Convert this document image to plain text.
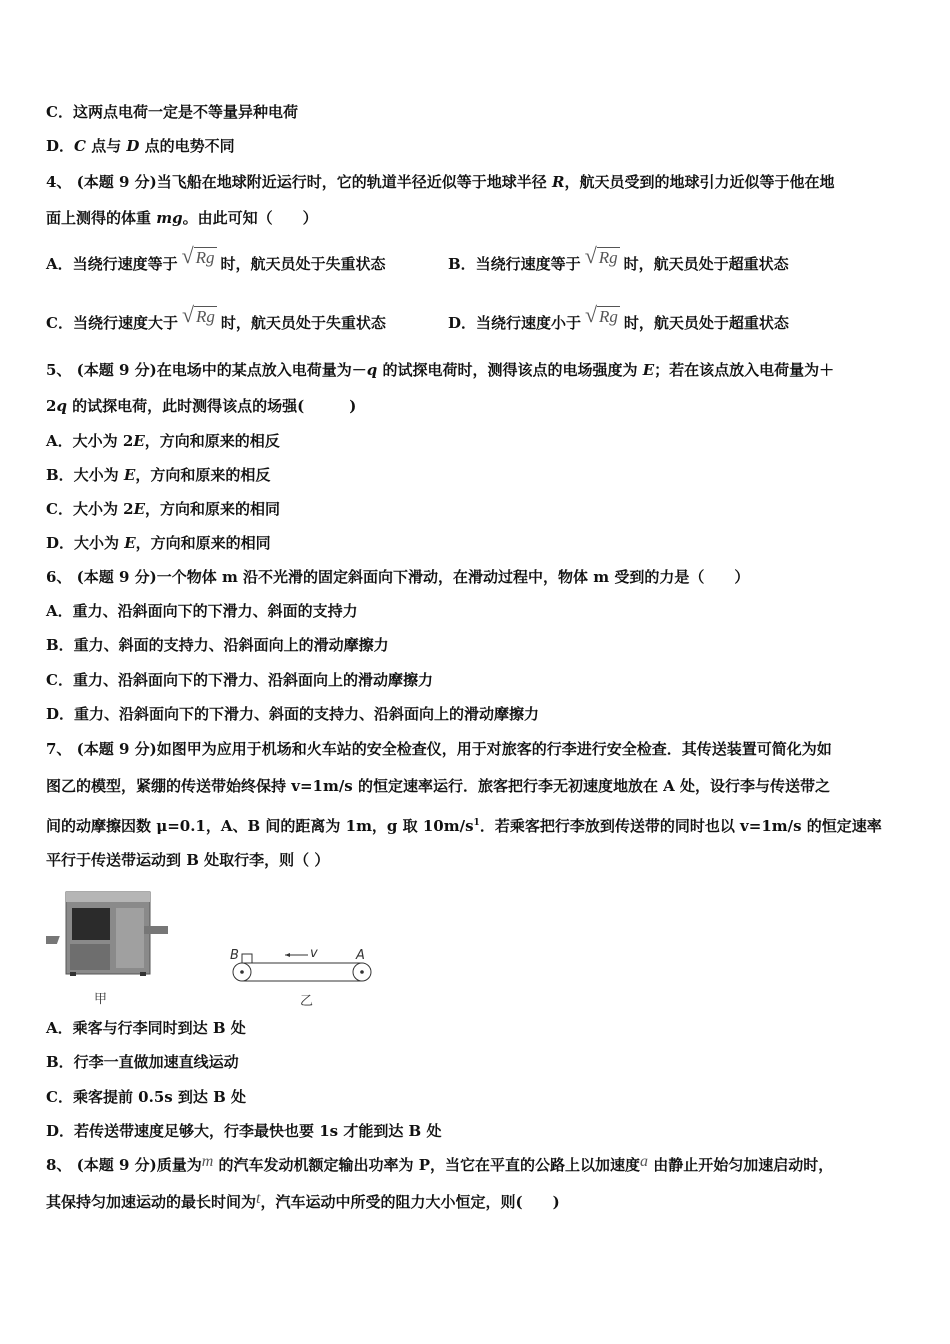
C．这两点电荷一定是不等量异种电荷
D．C 点与 D 点的电势不同
4、 (本题 9 分)当飞船在地球附近运行时，它的轨道半径近似等于地球半径 R，航天员受到的地球引力近似等于他在地
面上测得的体重 mg。由此可知（　　）
A．当绕行速度等于 √ Rg 时，航天员处于失重状态	B．当绕行速度等于 √ Rg 时，航天员处于超重状态
C．当绕行速度大于 √ Rg 时，航天员处于失重状态	D．当绕行速度小于 √ Rg 时，航天员处于超重状态
5、 (本题 9 分)在电场中的某点放入电荷量为－q 的试探电荷时，测得该点的电场强度为 E；若在该点放入电荷量为＋
2q 的试探电荷，此时测得该点的场强(　　　)
A．大小为 2E，方向和原来的相反
B．大小为 E，方向和原来的相反
C．大小为 2E，方向和原来的相同
D．大小为 E，方向和原来的相同
6、 (本题 9 分)一个物体 m 沿不光滑的固定斜面向下滑动，在滑动过程中，物体 m 受到的力是（　　）
A．重力、沿斜面向下的下滑力、斜面的支持力
B．重力、斜面的支持力、沿斜面向上的滑动摩擦力
C．重力、沿斜面向下的下滑力、沿斜面向上的滑动摩擦力
D．重力、沿斜面向下的下滑力、斜面的支持力、沿斜面向上的滑动摩擦力
7、 (本题 9 分)如图甲为应用于机场和火车站的安全检查仪，用于对旅客的行李进行安全检查．其传送装置可简化为如
图乙的模型，紧绷的传送带始终保持 v=1m/s 的恒定速率运行．旅客把行李无初速度地放在 A 处，设行李与传送带之
间的动摩擦因数 μ=0.1，A、B 间的距离为 1m，g 取 $10m/s^1$．若乘客把行李放到传送带的同时也以 v=1m/s 的恒定速率
平行于传送带运动到 B 处取行李，则（ ）
甲
B	A
v
乙
A．乘客与行李同时到达 B 处
B．行李一直做加速直线运动
C．乘客提前 0.5s 到达 B 处
D．若传送带速度足够大，行李最快也要 1s 才能到达 B 处
8、 (本题 9 分)质量为m 的汽车发动机额定输出功率为 P，当它在平直的公路上以加速度a 由静止开始匀加速启动时，
其保持匀加速运动的最长时间为t，汽车运动中所受的阻力大小恒定，则(　　)
